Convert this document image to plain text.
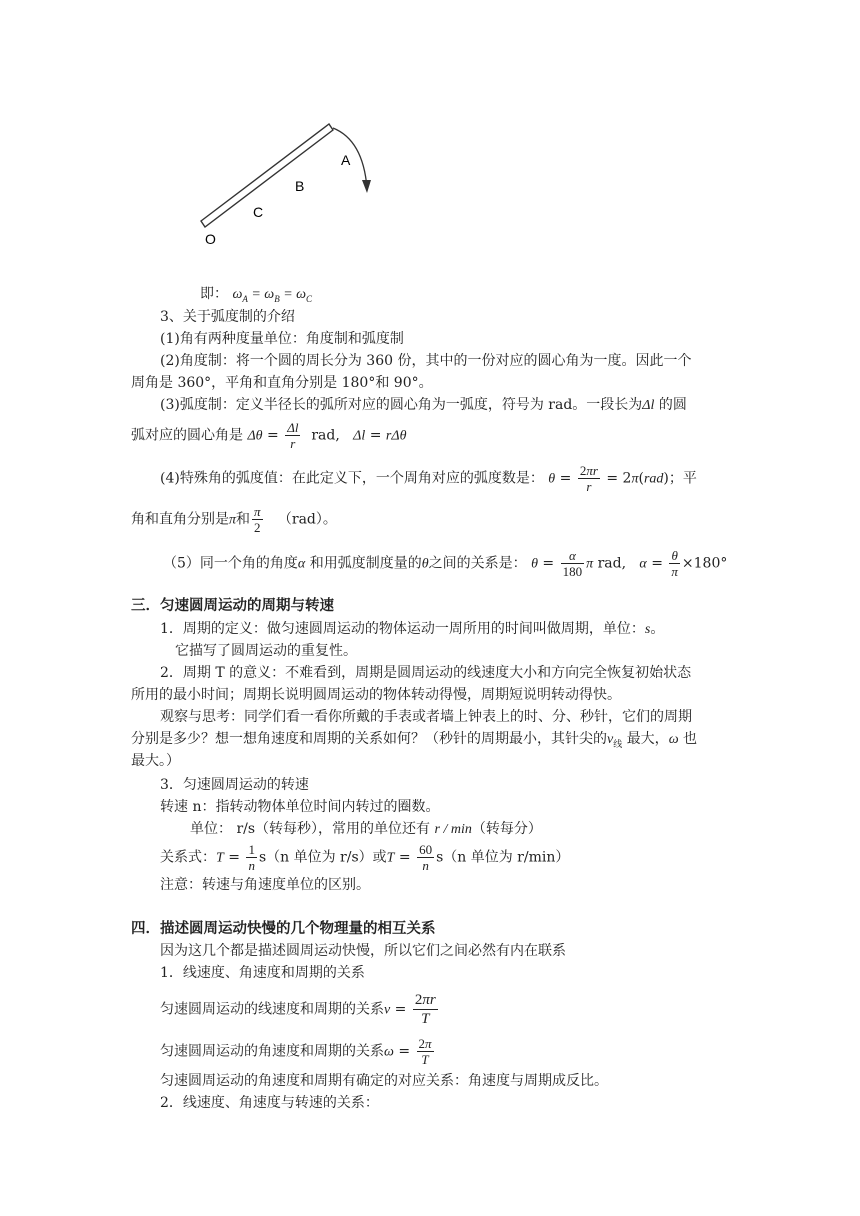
A
B
C
O
即： $\omega_A = \omega_B = \omega_C$
3、关于弧度制的介绍
(1)角有两种度量单位：角度制和弧度制
(2)角度制：将一个圆的周长分为 360 份，其中的一份对应的圆心角为一度。因此一个
周角是 360°，平角和直角分别是 180°和 90°。
(3)弧度制：定义半径长的弧所对应的圆心角为一弧度，符号为 rad。一段长为Δl 的圆
弧对应的圆心角是 $\Delta\theta = \frac{\Delta l}{r}$ rad, Δl = rΔθ
(4)特殊角的弧度值：在此定义下，一个周角对应的弧度数是： $\theta = \frac{2\pi r}{r} = 2\pi(rad)$；平
角和直角分别是π和 $\frac{\pi}{2} (rad)$。
（5）同一个角的角度α 和用弧度制度量的θ之间的关系是： $\theta = \frac{\alpha}{180}$ π rad,   $\alpha = \frac{\theta}{\pi} \times 180^\circ$
三．匀速圆周运动的周期与转速
1．周期的定义：做匀速圆周运动的物体运动一周所用的时间叫做周期，单位：s。
它描写了圆周运动的重复性。
2．周期 T 的意义：不难看到，周期是圆周运动的线速度大小和方向完全恢复初始状态
所用的最小时间；周期长说明圆周运动的物体转动得慢，周期短说明转动得快。
观察与思考：同学们看一看你所戴的手表或者墙上钟表上的时、分、秒针，它们的周期
分别是多少？想一想角速度和周期的关系如何？（秒针的周期最小，其针尖的$v_线$ 最大，ω 也
最大。）
3．匀速圆周运动的转速
转速 n：指转动物体单位时间内转过的圈数。
单位： r/s（转每秒），常用的单位还有 r / min（转每分）
关系式：$T = \frac{1}{n} s(n$ 单位为 r/s）或$T = \frac{60}{n} s(n$ 单位为 r/min）
注意：转速与角速度单位的区别。
四．描述圆周运动快慢的几个物理量的相互关系
因为这几个都是描述圆周运动快慢，所以它们之间必然有内在联系
1．线速度、角速度和周期的关系
匀速圆周运动的线速度和周期的关系$v = \frac{2\pi r}{T}$
匀速圆周运动的角速度和周期的关系$\omega = \frac{2\pi}{T}$
匀速圆周运动的角速度和周期有确定的对应关系：角速度与周期成反比。
2．线速度、角速度与转速的关系：
